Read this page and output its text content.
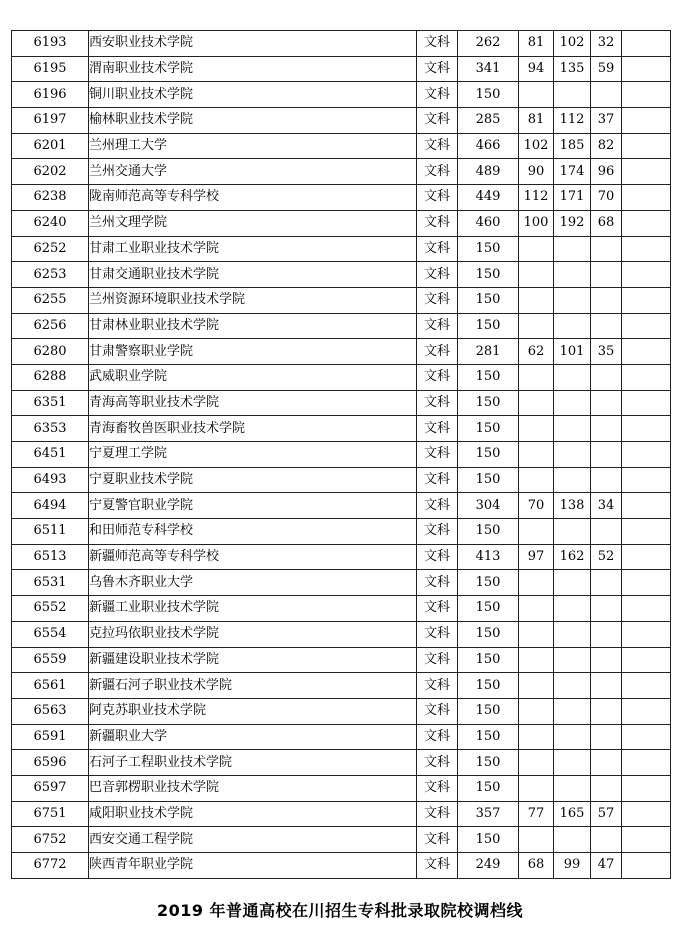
6193	西安职业技术学院	文科	262	81	102	32	
6195	渭南职业技术学院	文科	341	94	135	59	
6196	铜川职业技术学院	文科	150				
6197	榆林职业技术学院	文科	285	81	112	37	
6201	兰州理工大学	文科	466	102	185	82	
6202	兰州交通大学	文科	489	90	174	96	
6238	陇南师范高等专科学校	文科	449	112	171	70	
6240	兰州文理学院	文科	460	100	192	68	
6252	甘肃工业职业技术学院	文科	150				
6253	甘肃交通职业技术学院	文科	150				
6255	兰州资源环境职业技术学院	文科	150				
6256	甘肃林业职业技术学院	文科	150				
6280	甘肃警察职业学院	文科	281	62	101	35	
6288	武威职业学院	文科	150				
6351	青海高等职业技术学院	文科	150				
6353	青海畜牧兽医职业技术学院	文科	150				
6451	宁夏理工学院	文科	150				
6493	宁夏职业技术学院	文科	150				
6494	宁夏警官职业学院	文科	304	70	138	34	
6511	和田师范专科学校	文科	150				
6513	新疆师范高等专科学校	文科	413	97	162	52	
6531	乌鲁木齐职业大学	文科	150				
6552	新疆工业职业技术学院	文科	150				
6554	克拉玛依职业技术学院	文科	150				
6559	新疆建设职业技术学院	文科	150				
6561	新疆石河子职业技术学院	文科	150				
6563	阿克苏职业技术学院	文科	150				
6591	新疆职业大学	文科	150				
6596	石河子工程职业技术学院	文科	150				
6597	巴音郭楞职业技术学院	文科	150				
6751	咸阳职业技术学院	文科	357	77	165	57	
6752	西安交通工程学院	文科	150				
6772	陕西青年职业学院	文科	249	68	99	47	
2019 年普通高校在川招生专科批录取院校调档线
